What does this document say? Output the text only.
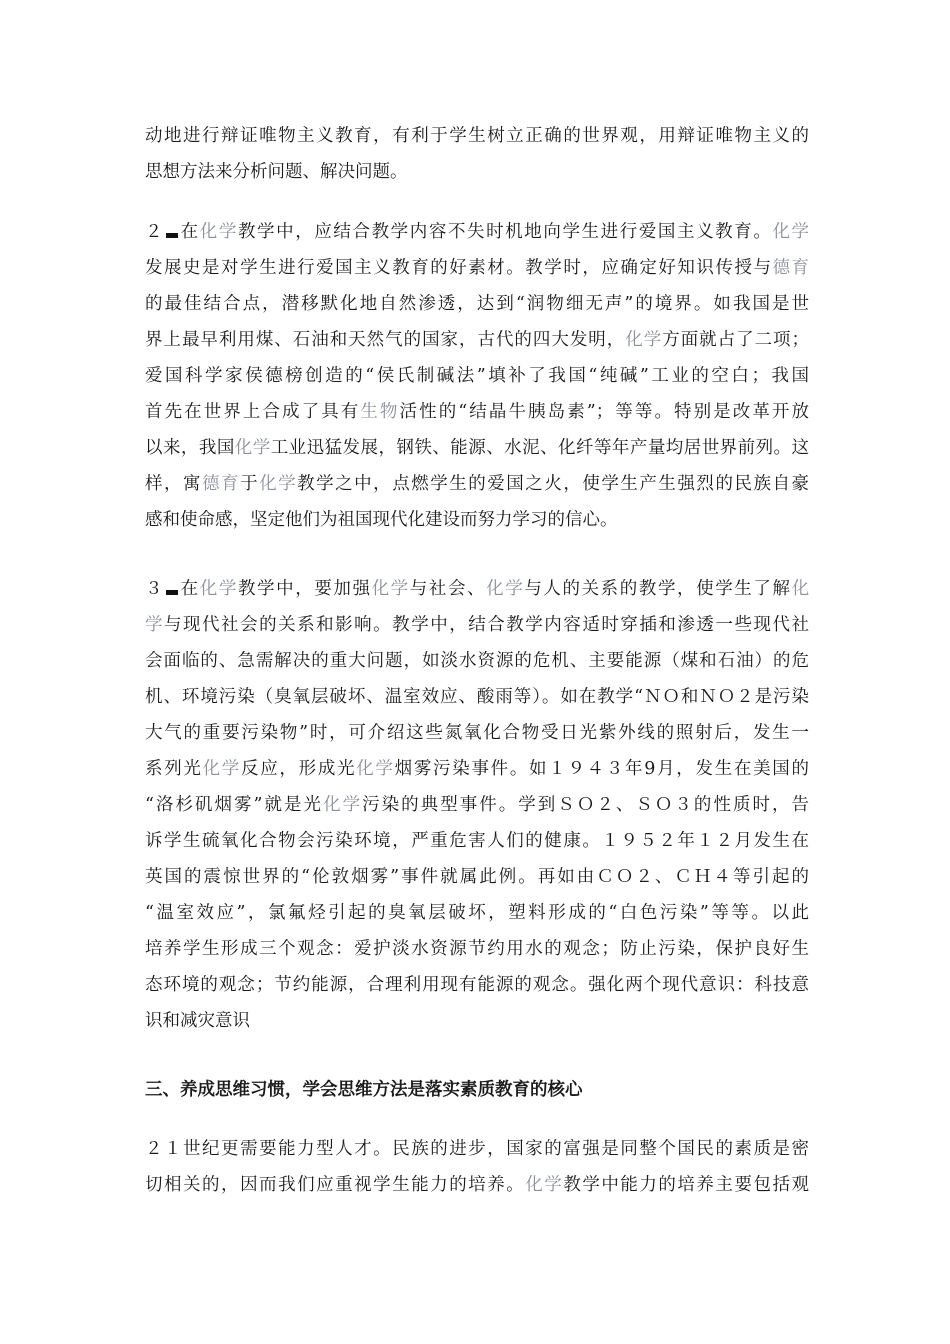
动地进行辩证唯物主义教育，有利于学生树立正确的世界观，用辩证唯物主义的
思想方法来分析问题、解决问题。
２ 在化学教学中，应结合教学内容不失时机地向学生进行爱国主义教育。化学
发展史是对学生进行爱国主义教育的好素材。教学时，应确定好知识传授与德育
的最佳结合点，潜移默化地自然渗透，达到“润物细无声”的境界。如我国是世
界上最早利用煤、石油和天然气的国家，古代的四大发明，化学方面就占了二项；
爱国科学家侯德榜创造的“侯氏制碱法”填补了我国“纯碱”工业的空白；我国
首先在世界上合成了具有生物活性的“结晶牛胰岛素”；等等。特别是改革开放
以来，我国化学工业迅猛发展，钢铁、能源、水泥、化纤等年产量均居世界前列。这
样，寓德育于化学教学之中，点燃学生的爱国之火，使学生产生强烈的民族自豪
感和使命感，坚定他们为祖国现代化建设而努力学习的信心。
３ 在化学教学中，要加强化学与社会、化学与人的关系的教学，使学生了解化
学与现代社会的关系和影响。教学中，结合教学内容适时穿插和渗透一些现代社
会面临的、急需解决的重大问题，如淡水资源的危机、主要能源（煤和石油）的危
机、环境污染（臭氧层破坏、温室效应、酸雨等）。如在教学“ＮＯ和ＮＯ２是污染
大气的重要污染物”时，可介绍这些氮氧化合物受日光紫外线的照射后，发生一
系列光化学反应，形成光化学烟雾污染事件。如１９４３年9月，发生在美国的
“洛杉矶烟雾”就是光化学污染的典型事件。学到ＳＯ２、ＳＯ３的性质时，告
诉学生硫氧化合物会污染环境，严重危害人们的健康。１９５２年１２月发生在
英国的震惊世界的“伦敦烟雾”事件就属此例。再如由ＣＯ２、ＣＨ４等引起的
“温室效应”，氯氟烃引起的臭氧层破坏，塑料形成的“白色污染”等等。以此
培养学生形成三个观念：爱护淡水资源节约用水的观念；防止污染，保护良好生
态环境的观念；节约能源，合理利用现有能源的观念。强化两个现代意识：科技意
识和减灾意识
三、养成思维习惯，学会思维方法是落实素质教育的核心
２１世纪更需要能力型人才。民族的进步，国家的富强是同整个国民的素质是密
切相关的，因而我们应重视学生能力的培养。化学教学中能力的培养主要包括观
